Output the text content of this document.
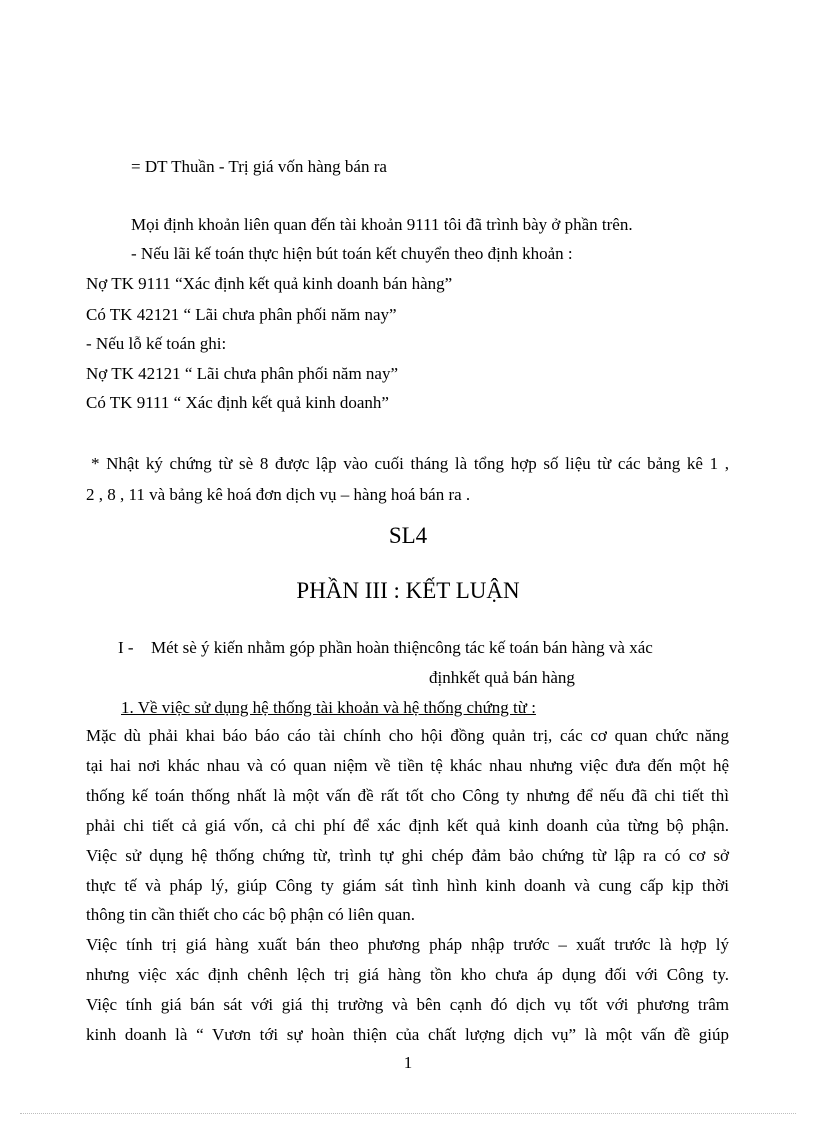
= DT Thuần - Trị giá vốn hàng bán ra
Mọi định khoản liên quan đến tài khoản 9111 tôi đã trình bày ở phần trên.
- Nếu lãi kế toán thực hiện bút toán kết chuyển theo định khoản :
Nợ TK 9111 “Xác định kết quả kinh doanh bán hàng”
Có TK 42121 “ Lãi chưa phân phối năm nay”
- Nếu lỗ kế toán ghi:
Nợ TK 42121 “ Lãi chưa phân phối năm nay”
Có TK 9111 “ Xác định kết quả kinh doanh”
* Nhật ký chứng từ sè 8 được lập vào cuối tháng là tổng hợp số liệu từ các bảng kê 1 ,
2 , 8 , 11 và bảng kê hoá đơn dịch vụ – hàng hoá bán ra .
SL4
PHẦN III : KẾT LUẬN
I - Mét sè ý kiến nhằm góp phần hoàn thiệncông tác kế toán bán hàng và xác
địnhkết quả bán hàng
1. Về việc sử dụng hệ thống tài khoản và hệ thống chứng từ :
Mặc dù phải khai báo báo cáo tài chính cho hội đồng quản trị, các cơ quan chức năng
tại hai nơi khác nhau và có quan niệm về tiền tệ khác nhau nhưng việc đưa đến một hệ
thống kế toán thống nhất là một vấn đề rất tốt cho Công ty nhưng để nếu đã chi tiết thì
phải chi tiết cả giá vốn, cả chi phí để xác định kết quả kinh doanh của từng bộ phận.
Việc sử dụng hệ thống chứng từ, trình tự ghi chép đảm bảo chứng từ lập ra có cơ sở
thực tế và pháp lý, giúp Công ty giám sát tình hình kinh doanh và cung cấp kịp thời
thông tin cần thiết cho các bộ phận có liên quan.
Việc tính trị giá hàng xuất bán theo phương pháp nhập trước – xuất trước là hợp lý
nhưng việc xác định chênh lệch trị giá hàng tồn kho chưa áp dụng đối với Công ty.
Việc tính giá bán sát với giá thị trường và bên cạnh đó dịch vụ tốt với phương trâm
kinh doanh là “ Vươn tới sự hoàn thiện của chất lượng dịch vụ” là một vấn đề giúp
1
